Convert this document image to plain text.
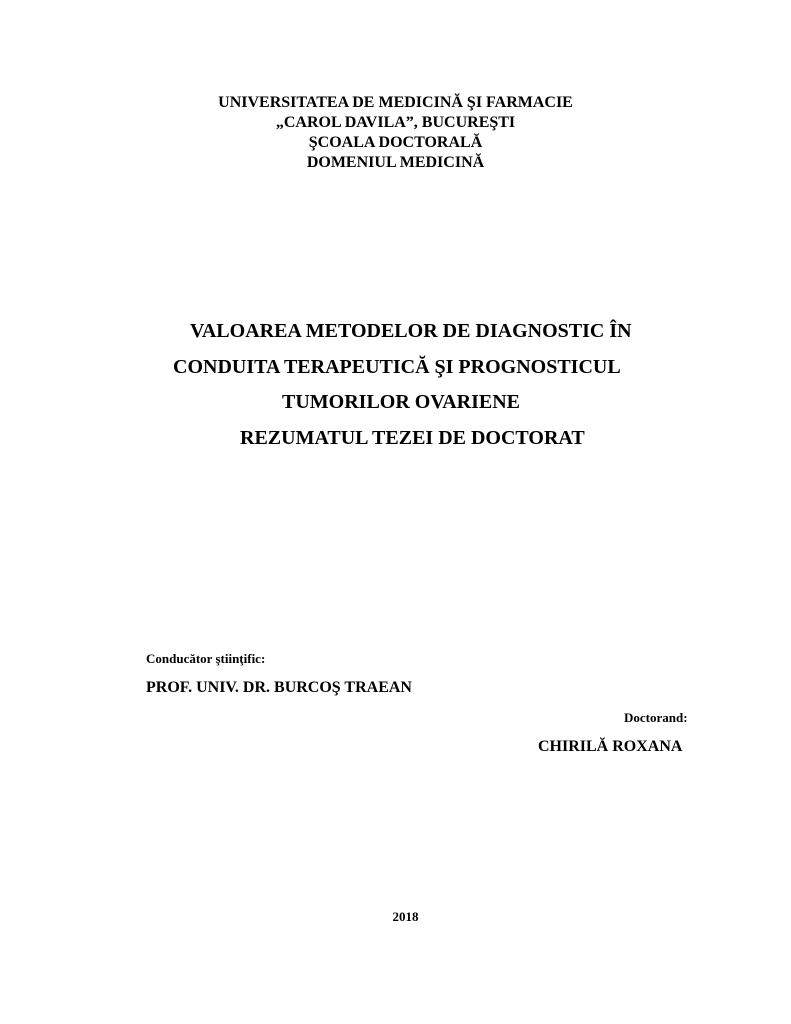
UNIVERSITATEA DE MEDICINĂ ŞI FARMACIE
„CAROL DAVILA”, BUCUREŞTI
ŞCOALA DOCTORALĂ
DOMENIUL MEDICINĂ
VALOAREA METODELOR DE DIAGNOSTIC ÎN
CONDUITA TERAPEUTICĂ ŞI PROGNOSTICUL
TUMORILOR OVARIENE
REZUMATUL TEZEI DE DOCTORAT
Conducător ştiinţific:
PROF. UNIV. DR. BURCOŞ TRAEAN
Doctorand:
CHIRILĂ ROXANA
2018
